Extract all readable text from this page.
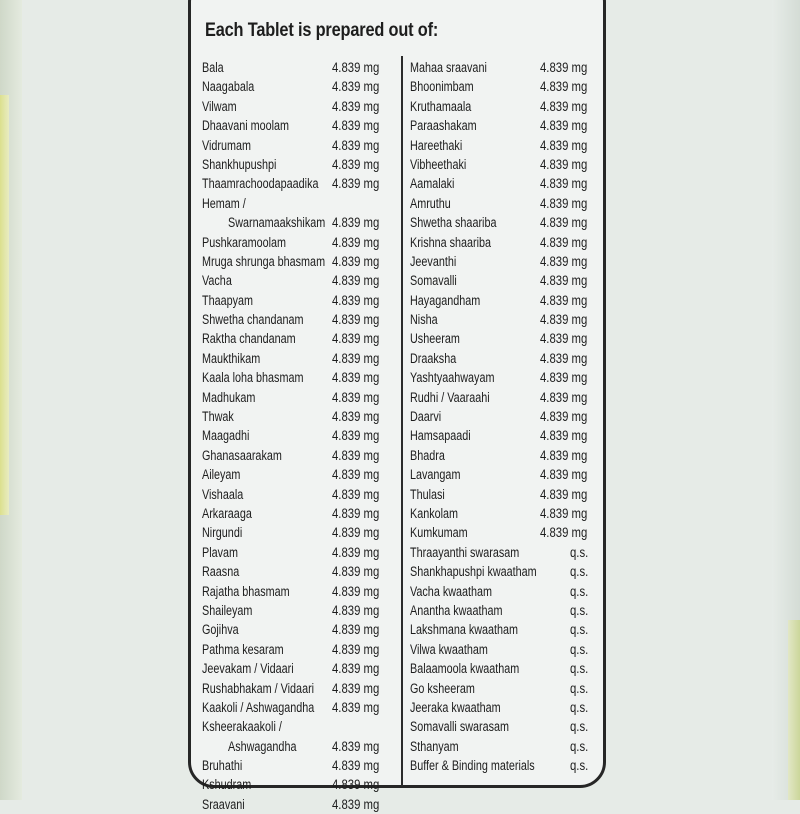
Each Tablet is prepared out of:
Bala	4.839 mg
Naagabala	4.839 mg
Vilwam	4.839 mg
Dhaavani moolam	4.839 mg
Vidrumam	4.839 mg
Shankhupushpi	4.839 mg
Thaamrachoodapaadika 4.839 mg
Hemam /
Swarnamaakshikam 4.839 mg
Pushkaramoolam	4.839 mg
Mruga shrunga bhasmam 4.839 mg
Vacha	4.839 mg
Thaapyam	4.839 mg
Shwetha chandanam 4.839 mg
Raktha chandanam	4.839 mg
Maukthikam	4.839 mg
Kaala loha bhasmam 4.839 mg
Madhukam	4.839 mg
Thwak	4.839 mg
Maagadhi	4.839 mg
Ghanasaarakam	4.839 mg
Aileyam	4.839 mg
Vishaala	4.839 mg
Arkaraaga	4.839 mg
Nirgundi	4.839 mg
Plavam	4.839 mg
Raasna	4.839 mg
Rajatha bhasmam	4.839 mg
Shaileyam	4.839 mg
Gojihva	4.839 mg
Pathma kesaram	4.839 mg
Jeevakam / Vidaari	4.839 mg
Rushabhakam / Vidaari 4.839 mg
Kaakoli / Ashwagandha 4.839 mg
Ksheerakaakoli /
Ashwagandha	4.839 mg
Bruhathi	4.839 mg
Kshudram	4.839 mg
Sraavani	4.839 mg
Mahaa sraavani	4.839 mg
Bhoonimbam	4.839 mg
Kruthamaala	4.839 mg
Paraashakam	4.839 mg
Hareethaki	4.839 mg
Vibheethaki	4.839 mg
Aamalaki	4.839 mg
Amruthu	4.839 mg
Shwetha shaariba	4.839 mg
Krishna shaariba	4.839 mg
Jeevanthi	4.839 mg
Somavalli	4.839 mg
Hayagandham	4.839 mg
Nisha	4.839 mg
Usheeram	4.839 mg
Draaksha	4.839 mg
Yashtyaahwayam	4.839 mg
Rudhi / Vaaraahi	4.839 mg
Daarvi	4.839 mg
Hamsapaadi	4.839 mg
Bhadra	4.839 mg
Lavangam	4.839 mg
Thulasi	4.839 mg
Kankolam	4.839 mg
Kumkumam	4.839 mg
Thraayanthi swarasam	q.s.
Shankhapushpi kwaatham q.s.
Vacha kwaatham	q.s.
Anantha kwaatham	q.s.
Lakshmana kwaatham	q.s.
Vilwa kwaatham	q.s.
Balaamoola kwaatham	q.s.
Go ksheeram	q.s.
Jeeraka kwaatham	q.s.
Somavalli swarasam	q.s.
Sthanyam	q.s.
Buffer & Binding materials	q.s.
